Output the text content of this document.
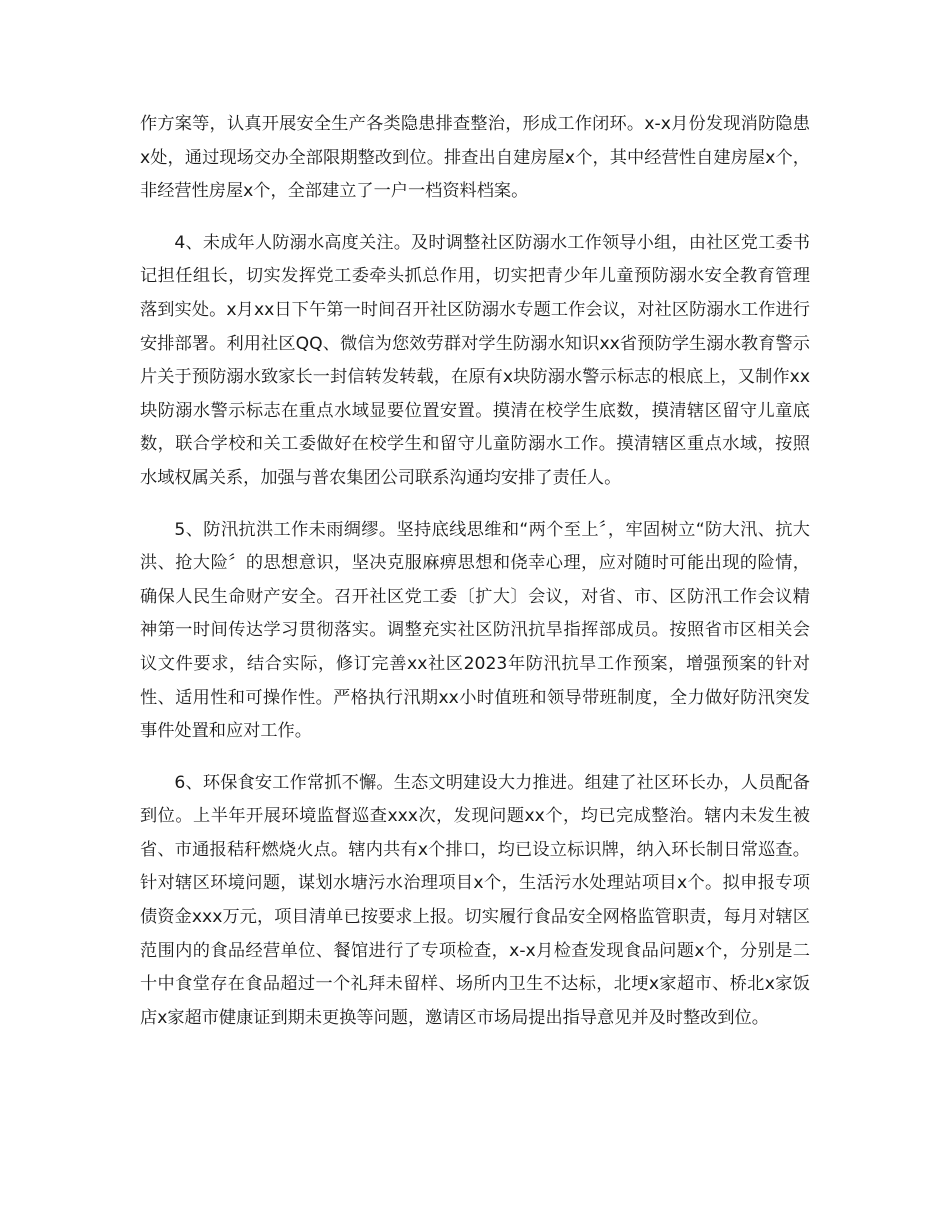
作方案等，认真开展安全生产各类隐患排查整治，形成工作闭环。x-x月份发现消防隐患x处，通过现场交办全部限期整改到位。排查出自建房屋x个，其中经营性自建房屋x个，非经营性房屋x个，全部建立了一户一档资料档案。

4、未成年人防溺水高度关注。及时调整社区防溺水工作领导小组，由社区党工委书记担任组长，切实发挥党工委牵头抓总作用，切实把青少年儿童预防溺水安全教育管理落到实处。x月xx日下午第一时间召开社区防溺水专题工作会议，对社区防溺水工作进行安排部署。利用社区QQ、微信为您效劳群对学生防溺水知识xx省预防学生溺水教育警示片关于预防溺水致家长一封信转发转载，在原有x块防溺水警示标志的根底上，又制作xx块防溺水警示标志在重点水域显要位置安置。摸清在校学生底数，摸清辖区留守儿童底数，联合学校和关工委做好在校学生和留守儿童防溺水工作。摸清辖区重点水域，按照水域权属关系，加强与普农集团公司联系沟通均安排了责任人。

5、防汛抗洪工作未雨绸缪。坚持底线思维和“两个至上〞，牢固树立“防大汛、抗大洪、抢大险〞的思想意识，坚决克服麻痹思想和侥幸心理，应对随时可能出现的险情，确保人民生命财产安全。召开社区党工委〔扩大〕会议，对省、市、区防汛工作会议精神第一时间传达学习贯彻落实。调整充实社区防汛抗旱指挥部成员。按照省市区相关会议文件要求，结合实际，修订完善xx社区2023年防汛抗旱工作预案，增强预案的针对性、适用性和可操作性。严格执行汛期xx小时值班和领导带班制度，全力做好防汛突发事件处置和应对工作。

6、环保食安工作常抓不懈。生态文明建设大力推进。组建了社区环长办，人员配备到位。上半年开展环境监督巡查xxx次，发现问题xx个，均已完成整治。辖内未发生被省、市通报秸秆燃烧火点。辖内共有x个排口，均已设立标识牌，纳入环长制日常巡查。针对辖区环境问题，谋划水塘污水治理项目x个，生活污水处理站项目x个。拟申报专项债资金xxx万元，项目清单已按要求上报。切实履行食品安全网格监管职责，每月对辖区范围内的食品经营单位、餐馆进行了专项检查，x-x月检查发现食品问题x个，分别是二十中食堂存在食品超过一个礼拜未留样、场所内卫生不达标，北埂x家超市、桥北x家饭店x家超市健康证到期未更换等问题，邀请区市场局提出指导意见并及时整改到位。
